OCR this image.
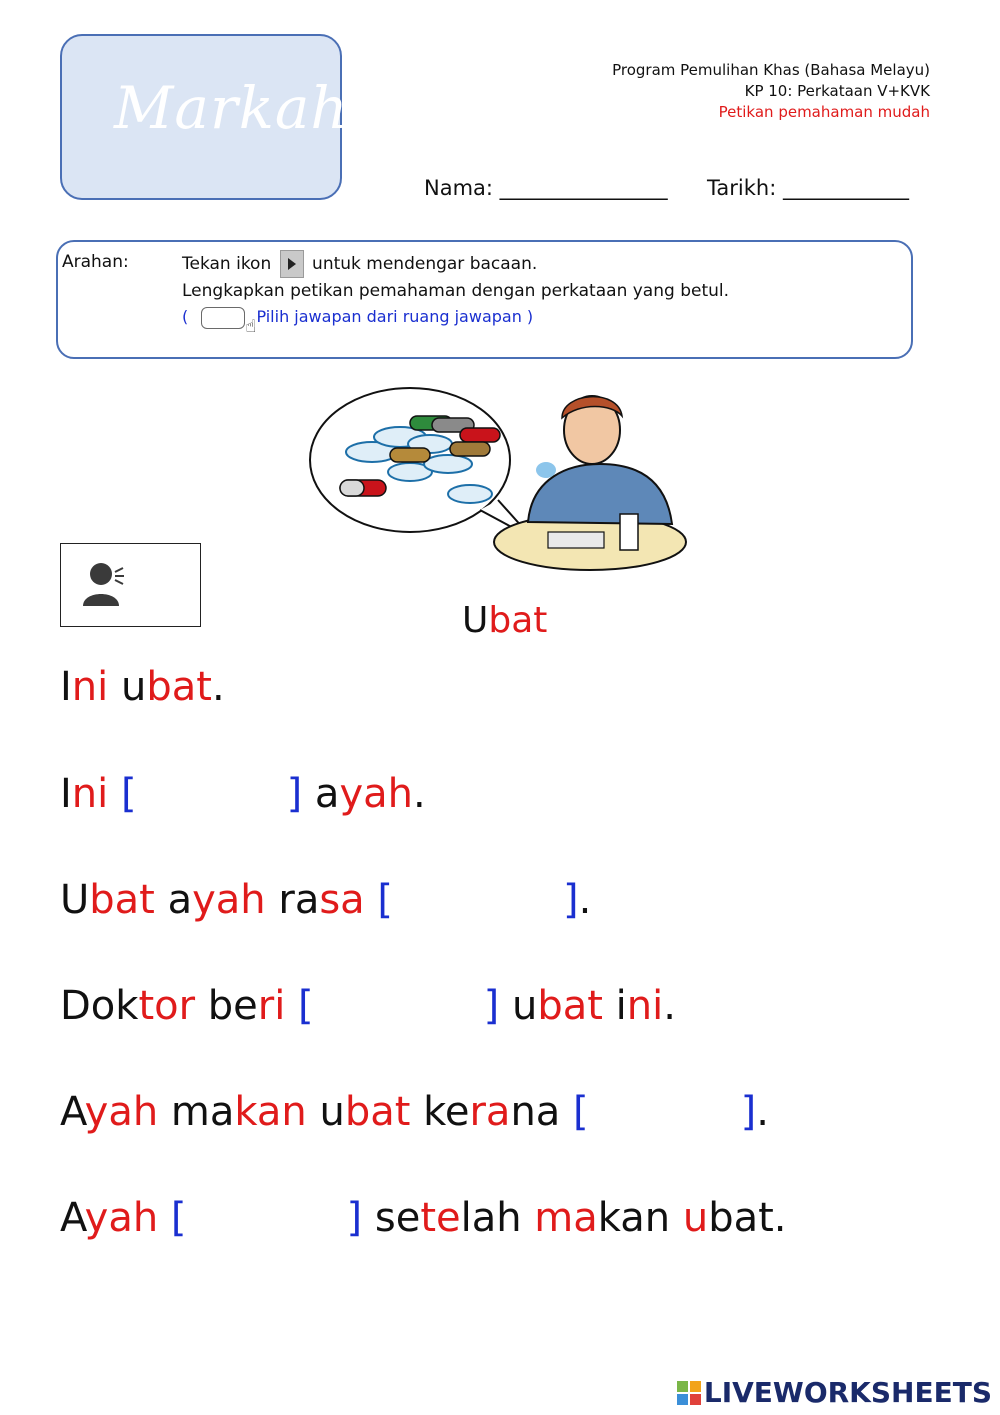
Markah
Program Pemulihan Khas (Bahasa Melayu)
KP 10: Perkataan V+KVK
Petikan pemahaman mudah
Nama: ________________ Tarikh: ____________
Arahan:	Tekan ikon untuk mendengar bacaan.
Lengkapkan petikan pemahaman dengan perkataan yang betul.
(	☝ Pilih jawapan dari ruang jawapan )
Ubat
Ini ubat.
Ini [	] ayah.
Ubat ayah rasa [	].
Doktor beri [	] ubat ini.
Ayah makan ubat kerana [	].
Ayah [	] setelah makan ubat.
LIVEWORKSHEETS
